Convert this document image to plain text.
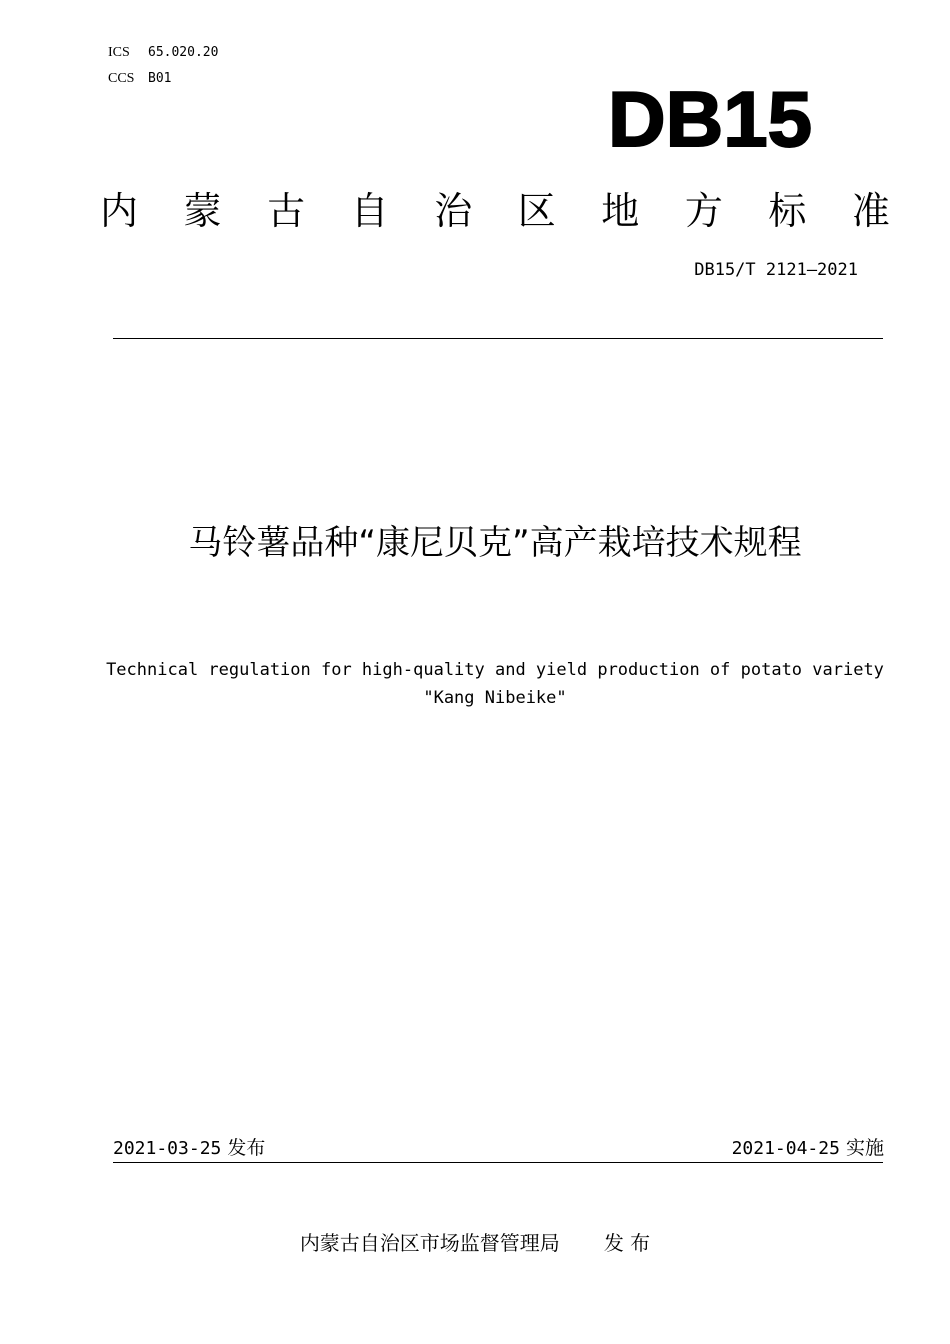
ICS 65.020.20
CCS B01	DB15
内 蒙 古 自 治 区 地 方 标 准
DB15/T 2121—2021
马铃薯品种“康尼贝克”高产栽培技术规程
Technical regulation for high-quality and yield production of potato variety "Kang Nibeike"
2021-03-25 发布	2021-04-25 实施
内蒙古自治区市场监督管理局 发 布
